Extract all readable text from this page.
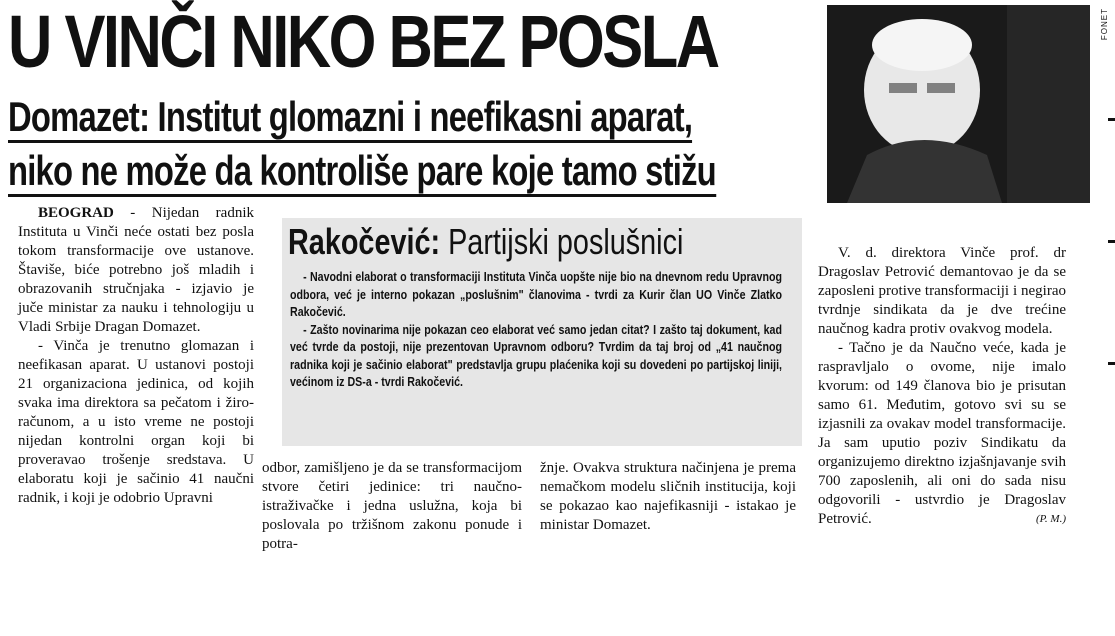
U VINČI NIKO BEZ POSLA
Domazet: Institut glomazni i neefikasni aparat,
niko ne može da kontroliše pare koje tamo stižu
FONET

BEOGRAD - Nijedan radnik Instituta u Vinči neće ostati bez posla tokom transformacije ove ustanove. Štaviše, biće potrebno još mladih i obrazovanih stručnjaka - izjavio je juče ministar za nauku i tehnologiju u Vladi Srbije Dragan Domazet.

- Vinča je trenutno glomazan i neefikasan aparat. U ustanovi postoji 21 organizaciona jedinica, od kojih svaka ima direktora sa pečatom i žiro-računom, a u isto vreme ne postoji nijedan kontrolni organ koji bi proveravao trošenje sredstava. U elaboratu koji je sačinio 41 naučni radnik, i koji je odobrio Upravni

Rakočević: Partijski poslušnici

- Navodni elaborat o transformaciji Instituta Vinča uopšte nije bio na dnevnom redu Upravnog odbora, već je interno pokazan „poslušnim" članovima - tvrdi za Kurir član UO Vinče Zlatko Rakočević.

- Zašto novinarima nije pokazan ceo elaborat već samo jedan citat? I zašto taj dokument, kad već tvrde da postoji, nije prezentovan Upravnom odboru? Tvrdim da taj broj od „41 naučnog radnika koji je sačinio elaborat" predstavlja grupu plaćenika koji su dovedeni po partijskoj liniji, većinom iz DS-a - tvrdi Rakočević.

odbor, zamišljeno je da se transformacijom stvore četiri jedinice: tri naučno-istraživačke i jedna uslužna, koja bi poslovala po tržišnom zakonu ponude i potra-

žnje. Ovakva struktura načinjena je prema nemačkom modelu sličnih institucija, koji se pokazao kao najefikasniji - istakao je ministar Domazet.

V. d. direktora Vinče prof. dr Dragoslav Petrović demantovao je da se zaposleni protive transformaciji i negirao tvrdnje sindikata da je dve trećine naučnog kadra protiv ovakvog modela.

- Tačno je da Naučno veće, kada je raspravljalo o ovome, nije imalo kvorum: od 149 članova bio je prisutan samo 61. Međutim, gotovo svi su se izjasnili za ovakav model transformacije. Ja sam uputio poziv Sindikatu da organizujemo direktno izjašnjavanje svih 700 zaposlenih, ali oni do sada nisu odgovorili - ustvrdio je Dragoslav Petrović.	(P. M.)
